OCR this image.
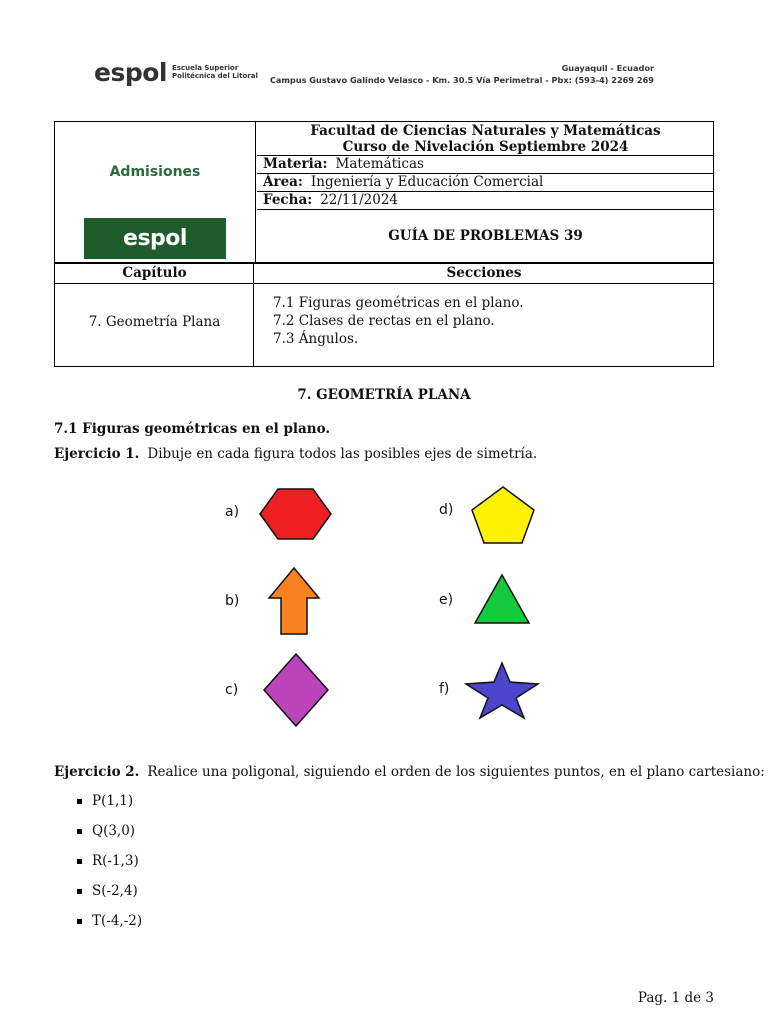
espol Escuela Superior
Politécnica del Litoral
Guayaquil - Ecuador
Campus Gustavo Galindo Velasco - Km. 30.5 Vía Perimetral - Pbx: (593-4) 2269 269
Admisiones
espol
Facultad de Ciencias Naturales y Matemáticas
Curso de Nivelación Septiembre 2024
Materia: Matemáticas
Área: Ingeniería y Educación Comercial
Fecha: 22/11/2024
GUÍA DE PROBLEMAS 39
Capítulo	Secciones
7. Geometría Plana
7.1 Figuras geométricas en el plano.
7.2 Clases de rectas en el plano.
7.3 Ángulos.
7. GEOMETRÍA PLANA
7.1 Figuras geométricas en el plano.
Ejercicio 1. Dibuje en cada figura todos las posibles ejes de simetría.
a)
b)
c)
d)
e)
f)
Ejercicio 2. Realice una poligonal, siguiendo el orden de los siguientes puntos, en el plano cartesiano:
P(1,1)
Q(3,0)
R(-1,3)
S(-2,4)
T(-4,-2)
Pag. 1 de 3
